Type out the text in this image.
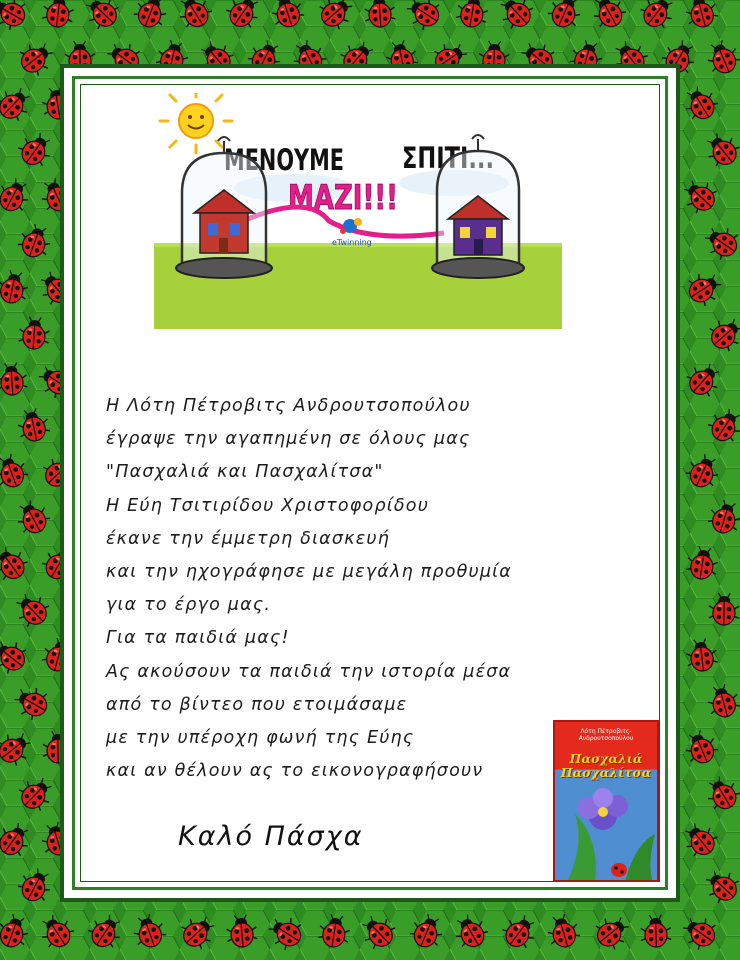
ΜΕΝΟΥΜΕ ΣΠΙΤΙ...
ΜΑΖΙ!!!
eTwinning
Η Λότη Πέτροβιτς Ανδρουτσοπούλου
έγραψε την αγαπημένη σε όλους μας
"Πασχαλιά και Πασχαλίτσα"
Η Εύη Τσιτιρίδου Χριστοφορίδου
έκανε την έμμετρη διασκευή
και την ηχογράφησε με μεγάλη προθυμία
για το έργο μας.
Για τα παιδιά μας!
Ας ακούσουν τα παιδιά την ιστορία μέσα
από το βίντεο που ετοιμάσαμε
με την υπέροχη φωνή της Εύης
και αν θέλουν ας το εικονογραφήσουν
Καλό Πάσχα
Λότη Πέτροβιτς-Ανδρουτσοπούλου
Πασχαλιά
Πασχαλίτσα
